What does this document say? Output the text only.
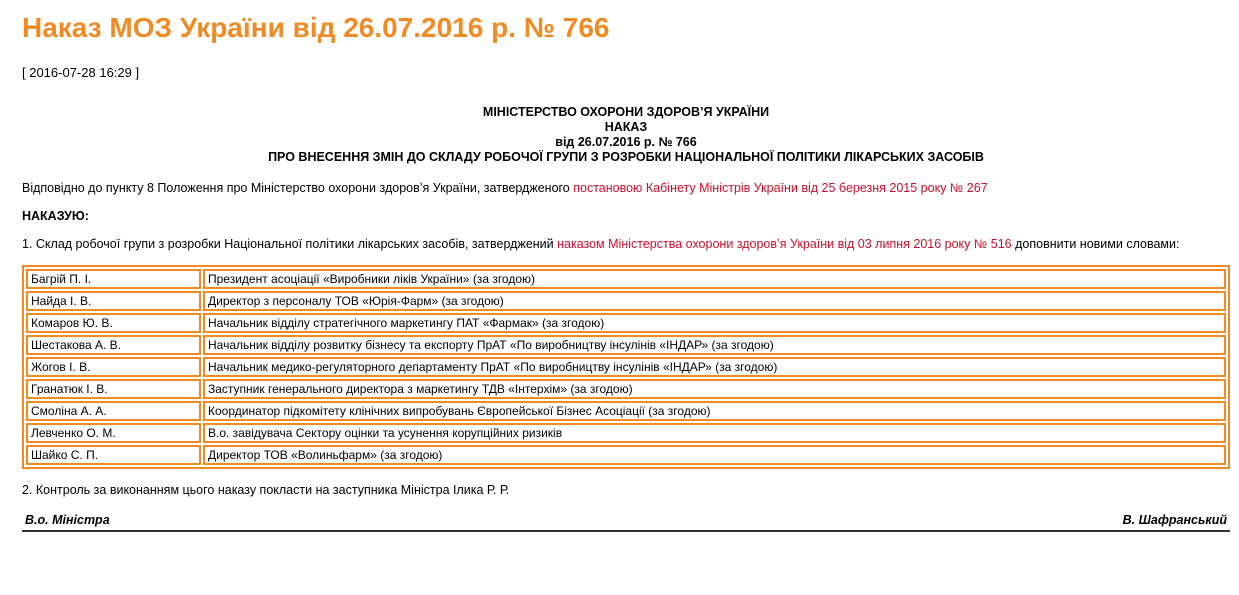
Наказ МОЗ України від 26.07.2016 р. № 766
[ 2016-07-28 16:29 ]
МІНІСТЕРСТВО ОХОРОНИ ЗДОРОВ’Я УКРАЇНИ
НАКАЗ
від 26.07.2016 р. № 766
ПРО ВНЕСЕННЯ ЗМІН ДО СКЛАДУ РОБОЧОЇ ГРУПИ З РОЗРОБКИ НАЦІОНАЛЬНОЇ ПОЛІТИКИ ЛІКАРСЬКИХ ЗАСОБІВ
Відповідно до пункту 8 Положення про Міністерство охорони здоров’я України, затвердженого постановою Кабінету Міністрів України від 25 березня 2015 року № 267
НАКАЗУЮ:
1. Склад робочої групи з розробки Національної політики лікарських засобів, затверджений наказом Міністерства охорони здоров’я України від 03 липня 2016 року № 516 доповнити новими словами:
Багрій П. І.	Президент асоціації «Виробники ліків України» (за згодою)
Найда І. В.	Директор з персоналу ТОВ «Юрія-Фарм» (за згодою)
Комаров Ю. В.	Начальник відділу стратегічного маркетингу ПАТ «Фармак» (за згодою)
Шестакова А. В.	Начальник відділу розвитку бізнесу та експорту ПрАТ «По виробництву інсулінів «ІНДАР» (за згодою)
Жогов І. В.	Начальник медико-регуляторного департаменту ПрАТ «По виробництву інсулінів «ІНДАР» (за згодою)
Гранатюк І. В.	Заступник генерального директора з маркетингу ТДВ «Інтерхім» (за згодою)
Смоліна А. А.	Координатор підкомітету клінічних випробувань Європейської Бізнес Асоціації (за згодою)
Левченко О. М.	В.о. завідувача Сектору оцінки та усунення корупційних ризиків
Шайко С. П.	Директор ТОВ «Волиньфарм» (за згодою)
2. Контроль за виконанням цього наказу покласти на заступника Міністра Ілика Р. Р.
В.о. Міністра	В. Шафранський
